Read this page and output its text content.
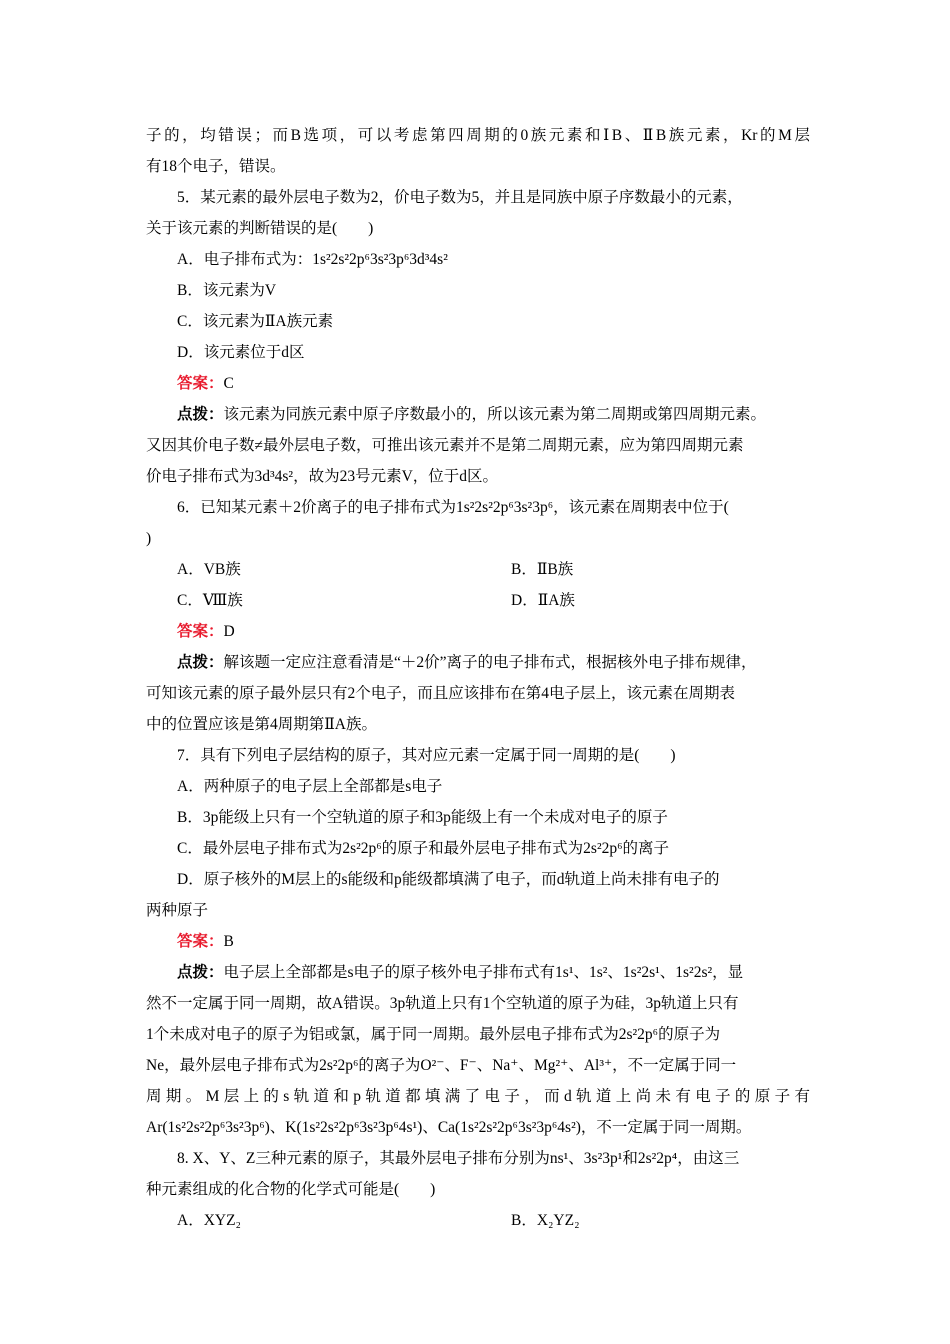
子的，均错误；而B选项，可以考虑第四周期的0族元素和ⅠB、ⅡB族元素，Kr的M层
有18个电子，错误。
5．某元素的最外层电子数为2，价电子数为5，并且是同族中原子序数最小的元素，
关于该元素的判断错误的是(　　)
A．电子排布式为：1s²2s²2p⁶3s²3p⁶3d³4s²
B．该元素为V
C．该元素为ⅡA族元素
D．该元素位于d区
答案：C
点拨：该元素为同族元素中原子序数最小的，所以该元素为第二周期或第四周期元素。
又因其价电子数≠最外层电子数，可推出该元素并不是第二周期元素，应为第四周期元素
价电子排布式为3d³4s²，故为23号元素V，位于d区。
6．已知某元素＋2价离子的电子排布式为1s²2s²2p⁶3s²3p⁶，该元素在周期表中位于(
)
A．VB族	B．ⅡB族
C．Ⅷ族	D．ⅡA族
答案：D
点拨：解该题一定应注意看清是“＋2价”离子的电子排布式，根据核外电子排布规律，
可知该元素的原子最外层只有2个电子，而且应该排布在第4电子层上，该元素在周期表
中的位置应该是第4周期第ⅡA族。
7．具有下列电子层结构的原子，其对应元素一定属于同一周期的是(　　)
A．两种原子的电子层上全部都是s电子
B．3p能级上只有一个空轨道的原子和3p能级上有一个未成对电子的原子
C．最外层电子排布式为2s²2p⁶的原子和最外层电子排布式为2s²2p⁶的离子
D．原子核外的M层上的s能级和p能级都填满了电子，而d轨道上尚未排有电子的
两种原子
答案：B
点拨：电子层上全部都是s电子的原子核外电子排布式有1s¹、1s²、1s²2s¹、1s²2s²，显
然不一定属于同一周期，故A错误。3p轨道上只有1个空轨道的原子为硅，3p轨道上只有
1个未成对电子的原子为铝或氯，属于同一周期。最外层电子排布式为2s²2p⁶的原子为
Ne，最外层电子排布式为2s²2p⁶的离子为O²⁻、F⁻、Na⁺、Mg²⁺、Al³⁺，不一定属于同一
周期。M层上的s轨道和p轨道都填满了电子，而d轨道上尚未有电子的原子有
Ar(1s²2s²2p⁶3s²3p⁶)、K(1s²2s²2p⁶3s²3p⁶4s¹)、Ca(1s²2s²2p⁶3s²3p⁶4s²)，不一定属于同一周期。
8. X、Y、Z三种元素的原子，其最外层电子排布分别为ns¹、3s²3p¹和2s²2p⁴，由这三
种元素组成的化合物的化学式可能是(　　)
A．XYZ₂	B．X₂YZ₂
